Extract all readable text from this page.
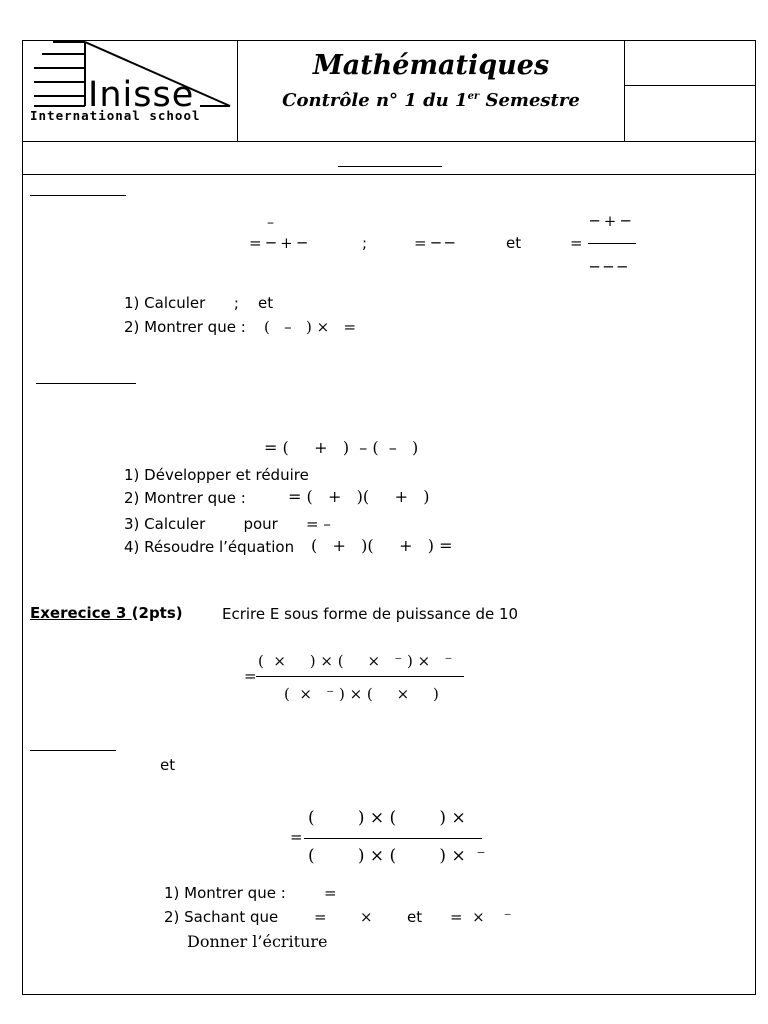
Inisse
International school
Mathématiques
Contrôle n° 1 du 1er Semestre
–
= ─ + ─	;	= ─ ─	et	=
─ + ─
─ ─ ─
1) Calculer      ;    et
2) Montrer que : (   –   ) ×   =
= (     +   )  – (  –   )
1) Développer et réduire
2) Montrer que :	= (   +   )(     +   )
3) Calculer        pour = –
4) Résoudre l’équation (   +   )(     +   ) =
Exerecice 3 (2pts)	Ecrire E sous forme de puissance de 10
=
(  ×     ) × (     ×   ⁻ ) ×   ⁻
(  ×   ⁻ ) × (     ×     )
et
=
(        ) × (        ) ×
(        ) × (        ) ×  ⁻
1) Montrer que :	=
2) Sachant que =       × et =  ×    ⁻
Donner l’écriture
